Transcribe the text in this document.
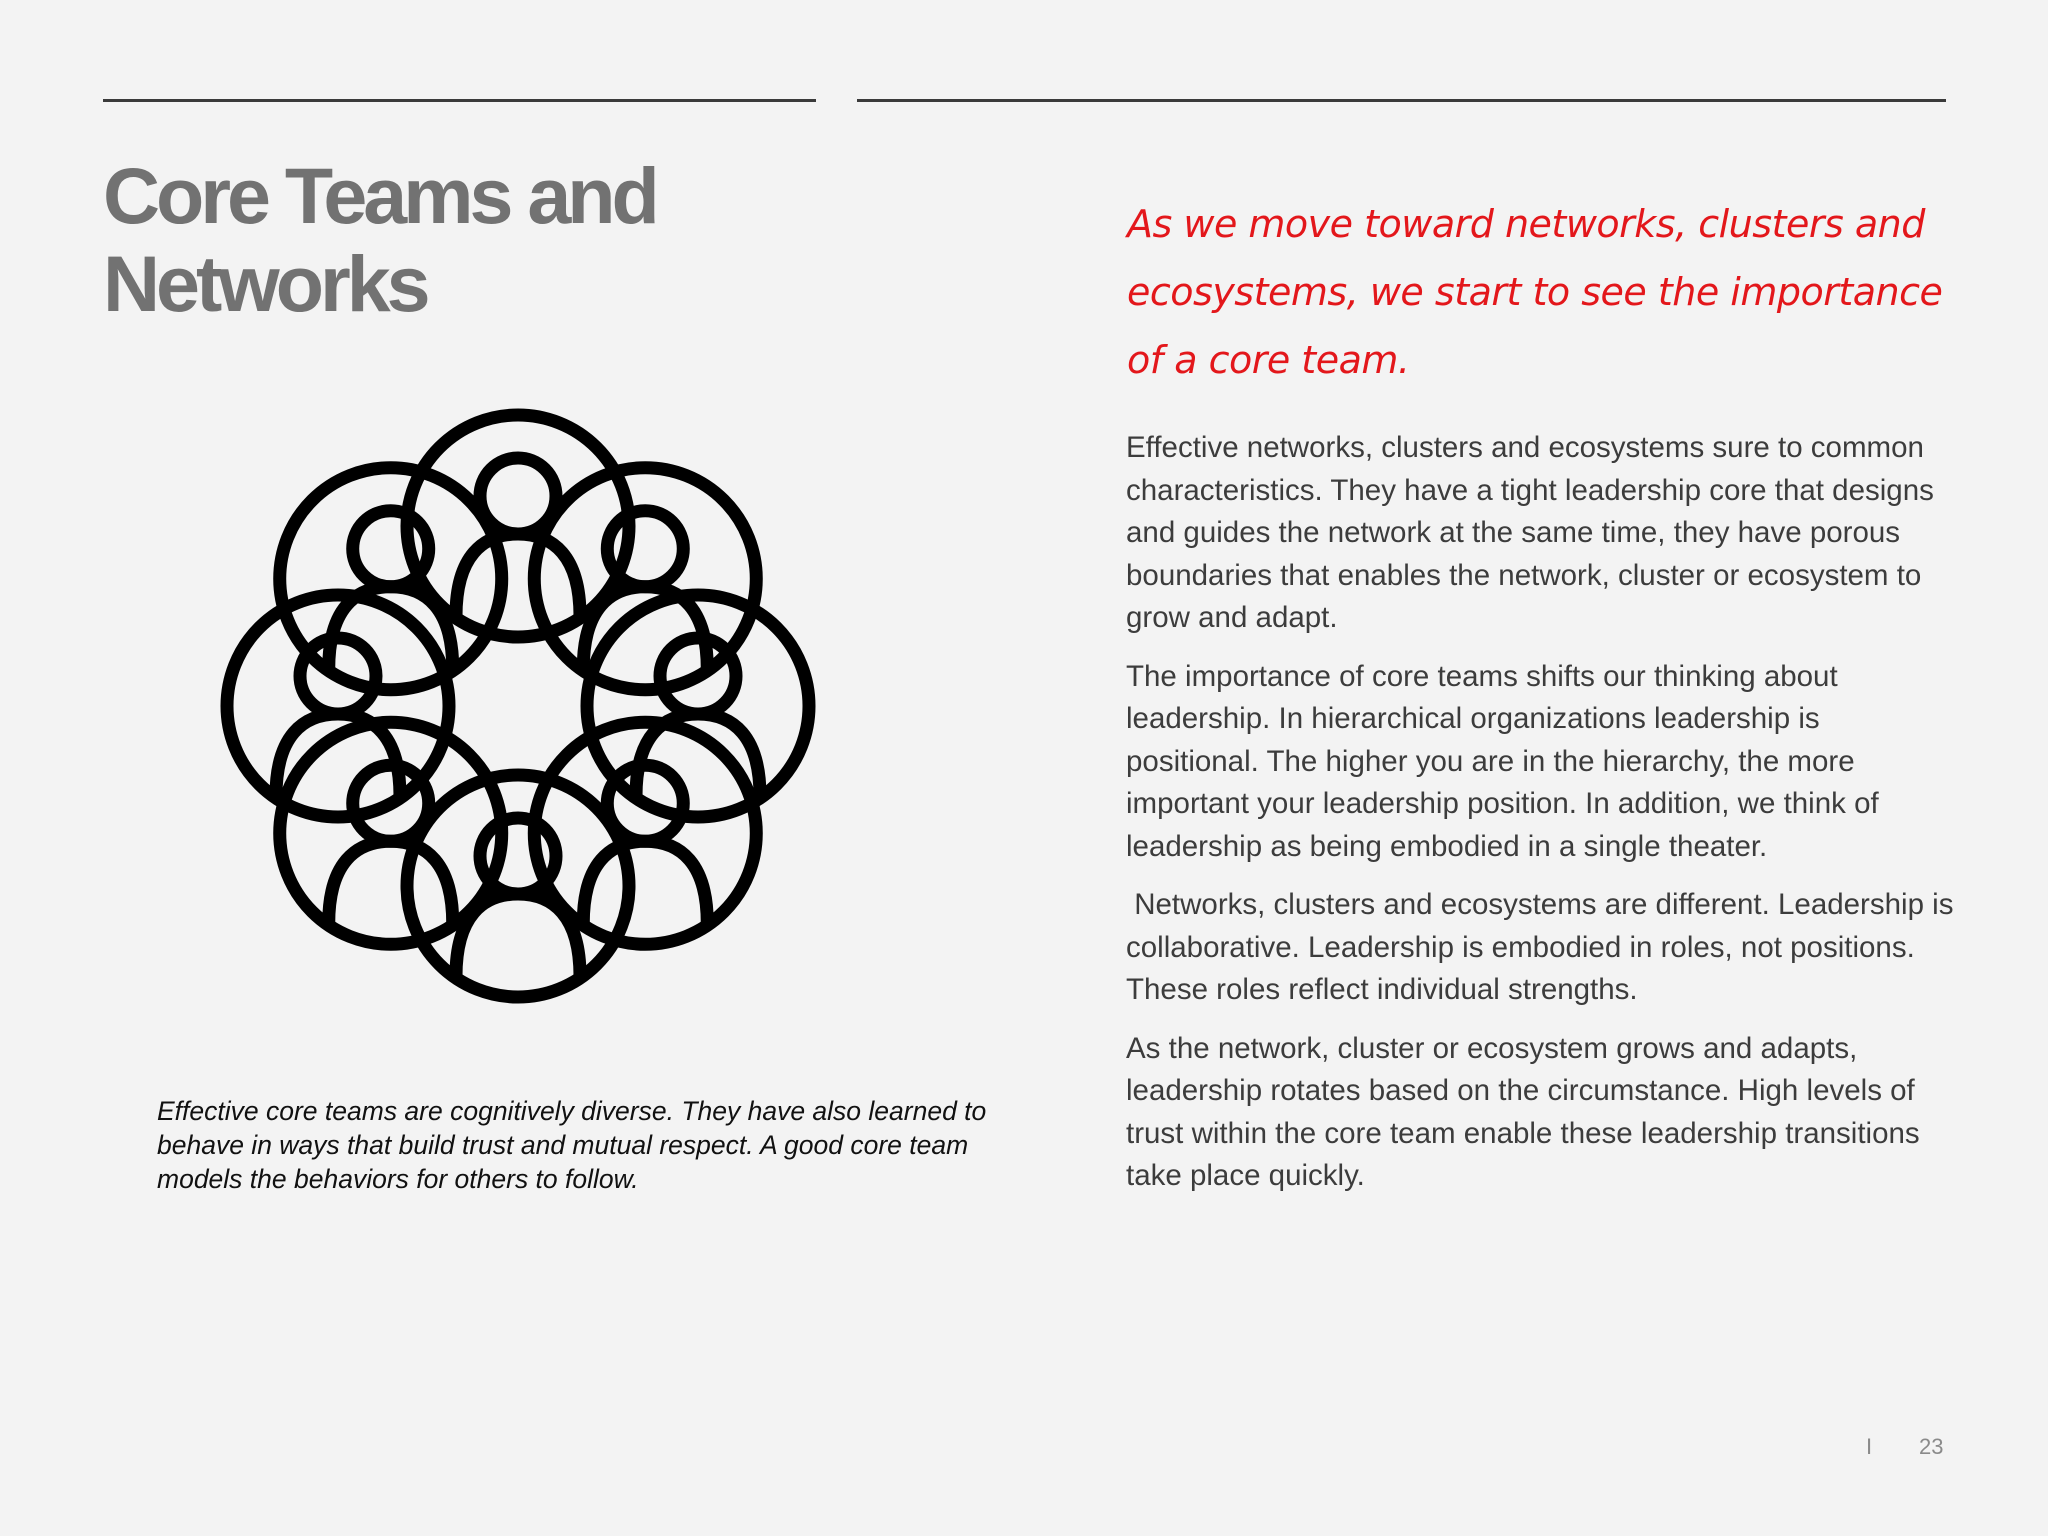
Core Teams and
Networks

Effective core teams are cognitively diverse. They have also learned to behave in ways that build trust and mutual respect. A good core team models the behaviors for others to follow.

As we move toward networks, clusters and ecosystems, we start to see the importance of a core team.

Effective networks, clusters and ecosystems sure to common characteristics. They have a tight leadership core that designs and guides the network at the same time, they have porous boundaries that enables the network, cluster or ecosystem to grow and adapt.

The importance of core teams shifts our thinking about leadership. In hierarchical organizations leadership is positional. The higher you are in the hierarchy, the more important your leadership position. In addition, we think of leadership as being embodied in a single theater.

Networks, clusters and ecosystems are different. Leadership is collaborative. Leadership is embodied in roles, not positions. These roles reflect individual strengths.

As the network, cluster or ecosystem grows and adapts, leadership rotates based on the circumstance. High levels of trust within the core team enable these leadership transitions take place quickly.

I 23
